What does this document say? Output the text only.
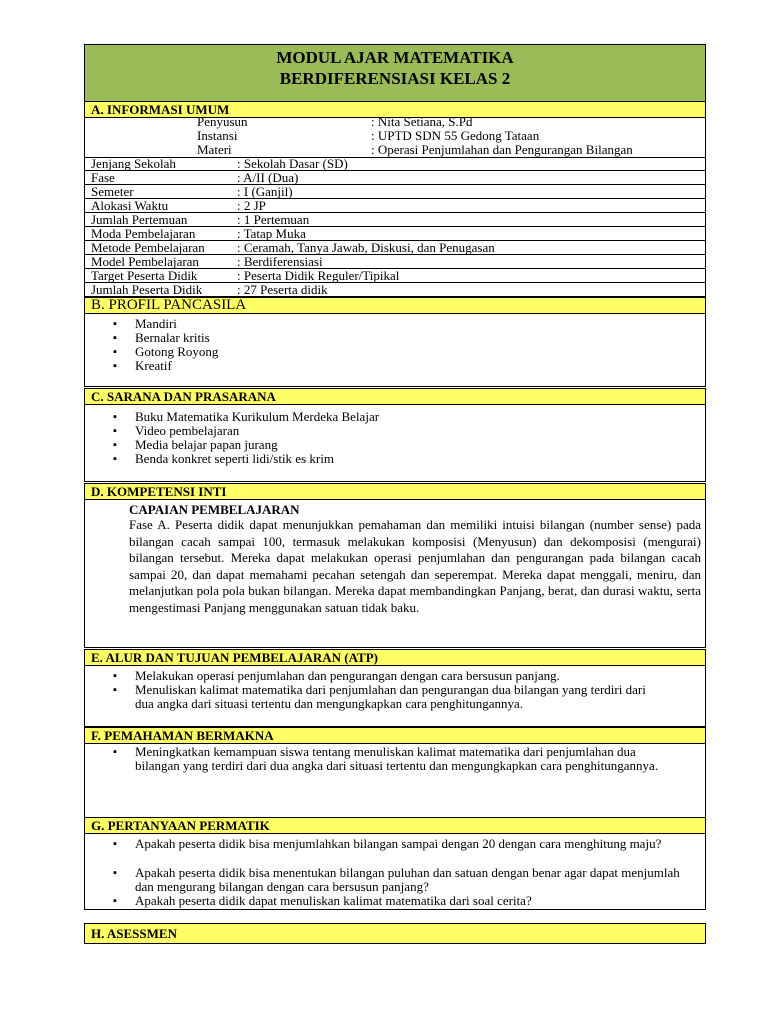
MODUL AJAR MATEMATIKA
BERDIFERENSIASI KELAS 2
A. INFORMASI UMUM
Penyusun	: Nita Setiana, S.Pd
Instansi	: UPTD SDN 55 Gedong Tataan
Materi	: Operasi Penjumlahan dan Pengurangan Bilangan
Jenjang Sekolah	: Sekolah Dasar (SD)
Fase	: A/II (Dua)
Semeter	: I (Ganjil)
Alokasi Waktu	: 2 JP
Jumlah Pertemuan	: 1 Pertemuan
Moda Pembelajaran	: Tatap Muka
Metode Pembelajaran : Ceramah, Tanya Jawab, Diskusi, dan Penugasan
Model Pembelajaran	: Berdiferensiasi
Target Peserta Didik	: Peserta Didik Reguler/Tipikal
Jumlah Peserta Didik	: 27 Peserta didik
B. PROFIL PANCASILA
▪ Mandiri
▪ Bernalar kritis
▪ Gotong Royong
▪ Kreatif
C. SARANA DAN PRASARANA
▪ Buku Matematika Kurikulum Merdeka Belajar
▪ Video pembelajaran
▪ Media belajar papan jurang
▪ Benda konkret seperti lidi/stik es krim
D. KOMPETENSI INTI
CAPAIAN PEMBELAJARAN
Fase A. Peserta didik dapat menunjukkan pemahaman dan memiliki intuisi bilangan (number sense) pada bilangan cacah sampai 100, termasuk melakukan komposisi (Menyusun) dan dekomposisi (mengurai) bilangan tersebut. Mereka dapat melakukan operasi penjumlahan dan pengurangan pada bilangan cacah sampai 20, dan dapat memahami pecahan setengah dan seperempat. Mereka dapat menggali, meniru, dan melanjutkan pola pola bukan bilangan. Mereka dapat membandingkan Panjang, berat, dan durasi waktu, serta mengestimasi Panjang menggunakan satuan tidak baku.
E. ALUR DAN TUJUAN PEMBELAJARAN (ATP)
▪ Melakukan operasi penjumlahan dan pengurangan dengan cara bersusun panjang.
▪ Menuliskan kalimat matematika dari penjumlahan dan pengurangan dua bilangan yang terdiri dari dua angka dari situasi tertentu dan mengungkapkan cara penghitungannya.
F. PEMAHAMAN BERMAKNA
▪ Meningkatkan kemampuan siswa tentang menuliskan kalimat matematika dari penjumlahan dua bilangan yang terdiri dari dua angka dari situasi tertentu dan mengungkapkan cara penghitungannya.
G. PERTANYAAN PERMATIK
▪ Apakah peserta didik bisa menjumlahkan bilangan sampai dengan 20 dengan cara menghitung maju?
▪ Apakah peserta didik bisa menentukan bilangan puluhan dan satuan dengan benar agar dapat menjumlah dan mengurang bilangan dengan cara bersusun panjang?
▪ Apakah peserta didik dapat menuliskan kalimat matematika dari soal cerita?
H. ASESSMEN
